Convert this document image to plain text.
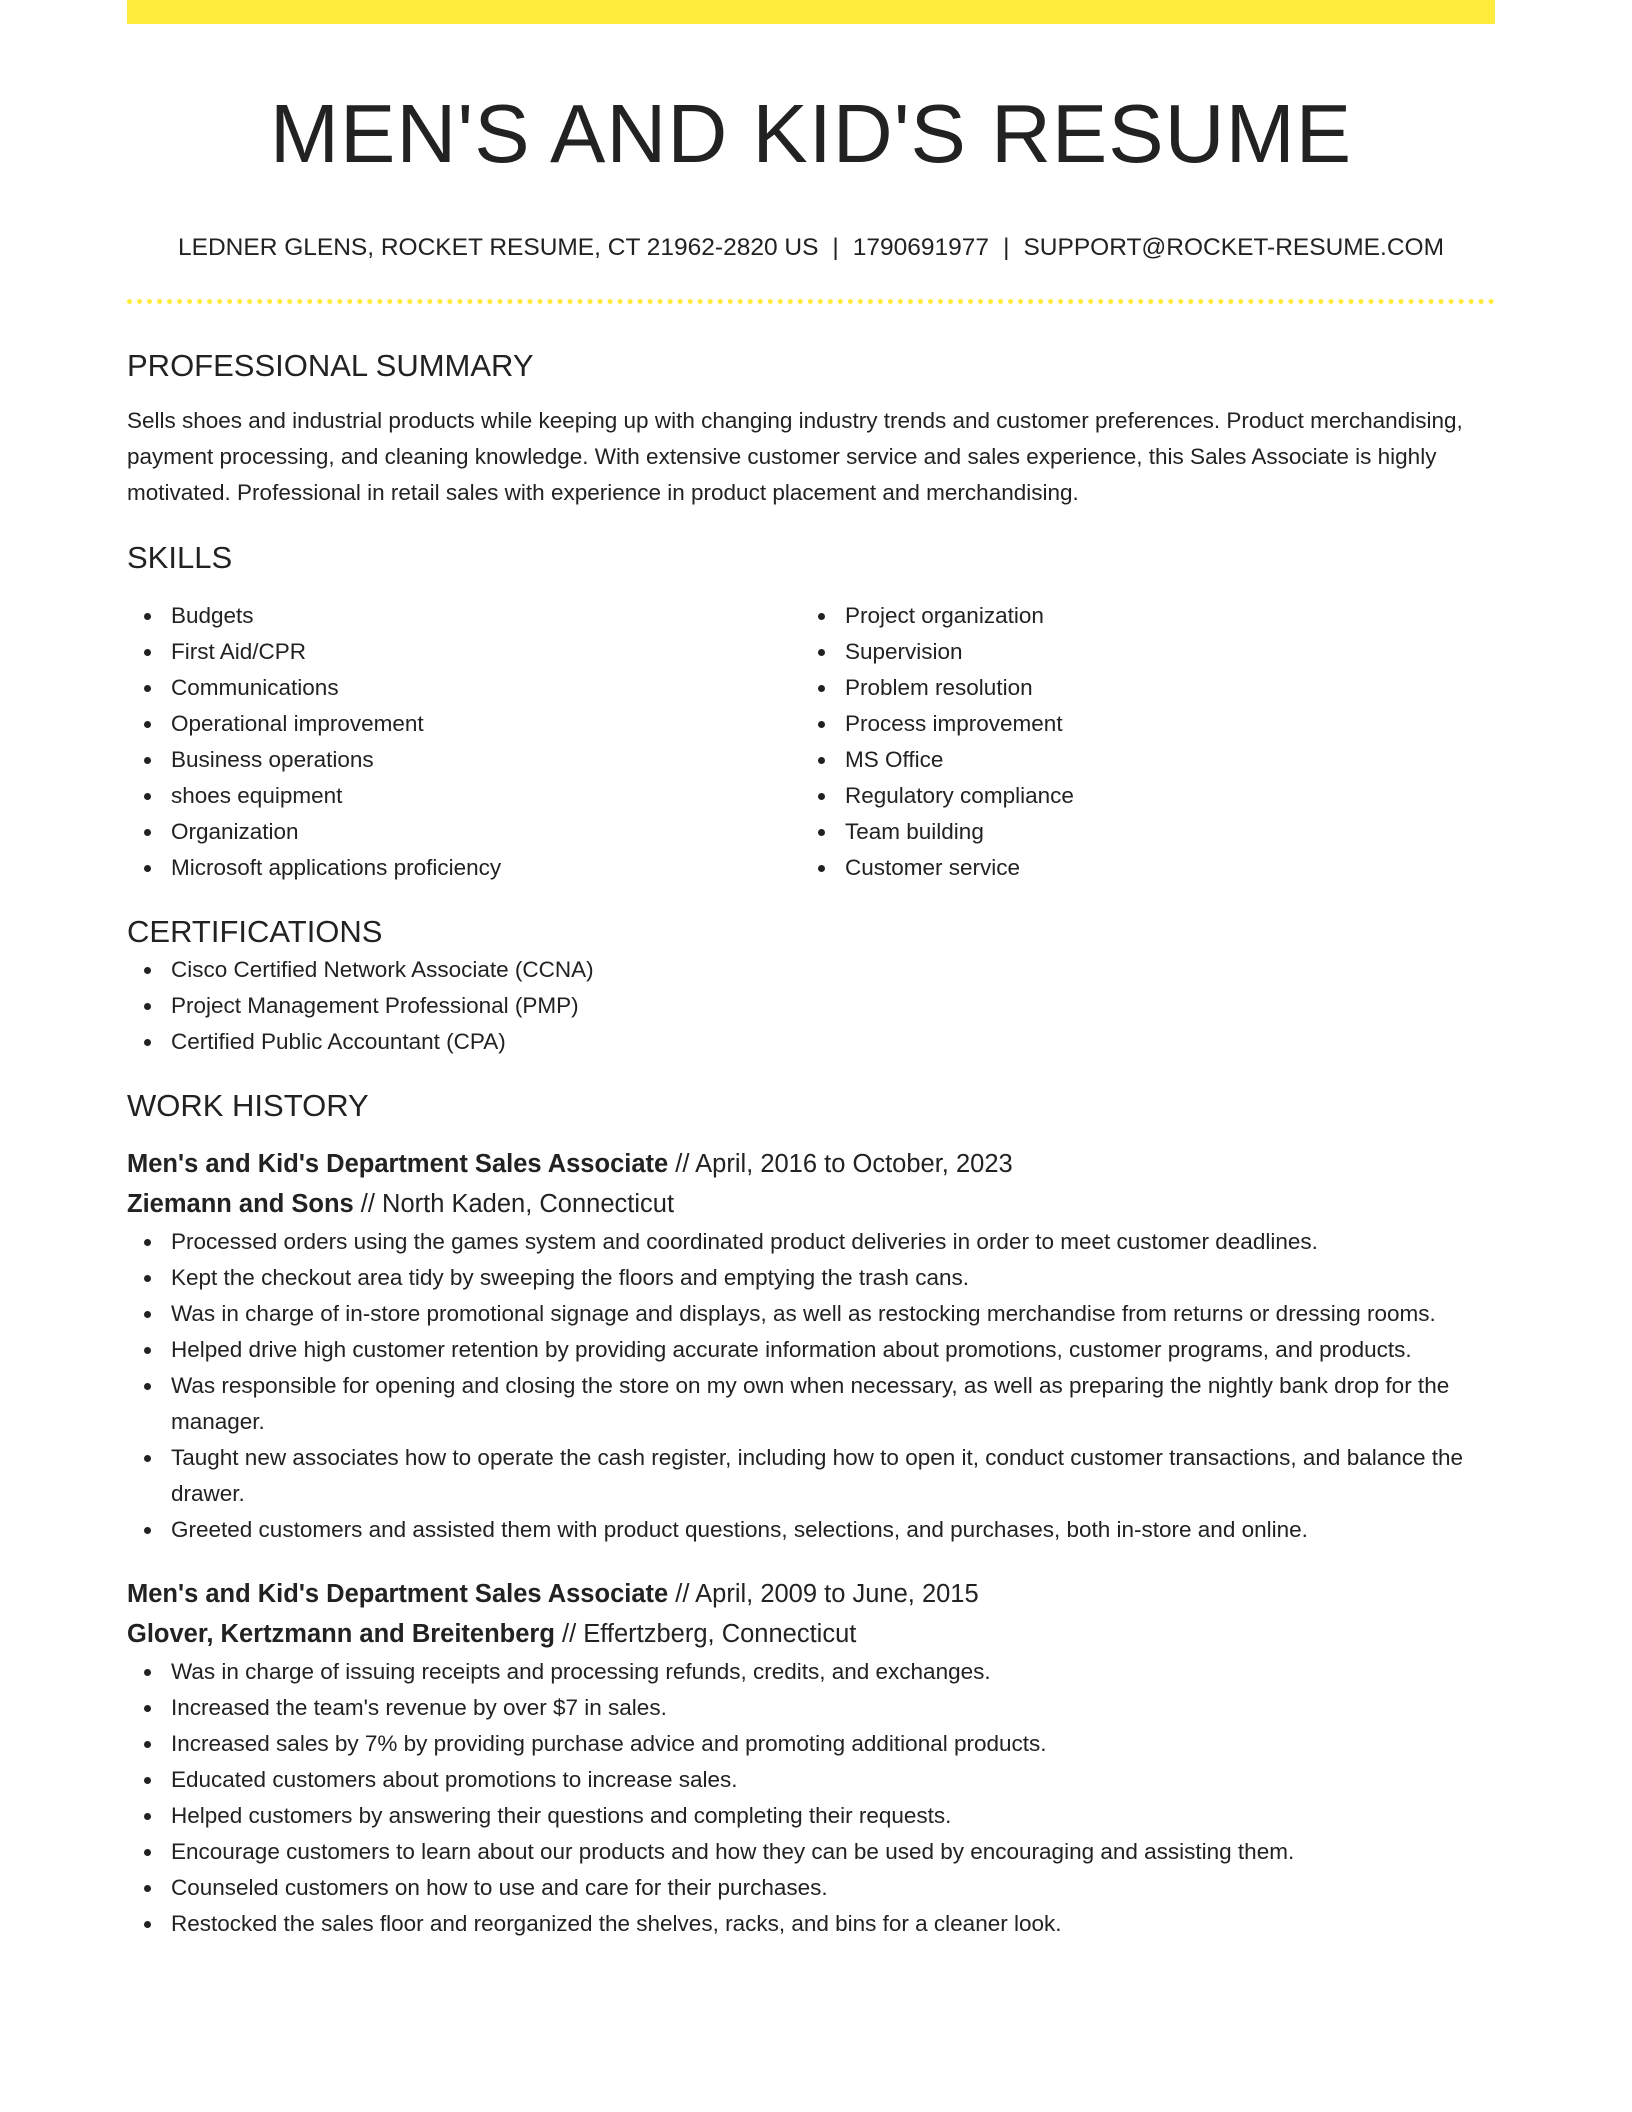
MEN'S AND KID'S RESUME
LEDNER GLENS, ROCKET RESUME, CT 21962-2820 US | 1790691977 | SUPPORT@ROCKET-RESUME.COM
PROFESSIONAL SUMMARY

Sells shoes and industrial products while keeping up with changing industry trends and customer preferences. Product merchandising, payment processing, and cleaning knowledge. With extensive customer service and sales experience, this Sales Associate is highly motivated. Professional in retail sales with experience in product placement and merchandising.

SKILLS
Budgets
First Aid/CPR
Communications
Operational improvement
Business operations
shoes equipment
Organization
Microsoft applications proficiency
Project organization
Supervision
Problem resolution
Process improvement
MS Office
Regulatory compliance
Team building
Customer service
CERTIFICATIONS
Cisco Certified Network Associate (CCNA)
Project Management Professional (PMP)
Certified Public Accountant (CPA)
WORK HISTORY
Men's and Kid's Department Sales Associate // April, 2016 to October, 2023
Ziemann and Sons // North Kaden, Connecticut
Processed orders using the games system and coordinated product deliveries in order to meet customer deadlines.
Kept the checkout area tidy by sweeping the floors and emptying the trash cans.
Was in charge of in-store promotional signage and displays, as well as restocking merchandise from returns or dressing rooms.
Helped drive high customer retention by providing accurate information about promotions, customer programs, and products.
Was responsible for opening and closing the store on my own when necessary, as well as preparing the nightly bank drop for the manager.
Taught new associates how to operate the cash register, including how to open it, conduct customer transactions, and balance the drawer.
Greeted customers and assisted them with product questions, selections, and purchases, both in-store and online.
Men's and Kid's Department Sales Associate // April, 2009 to June, 2015
Glover, Kertzmann and Breitenberg // Effertzberg, Connecticut
Was in charge of issuing receipts and processing refunds, credits, and exchanges.
Increased the team's revenue by over $7 in sales.
Increased sales by 7% by providing purchase advice and promoting additional products.
Educated customers about promotions to increase sales.
Helped customers by answering their questions and completing their requests.
Encourage customers to learn about our products and how they can be used by encouraging and assisting them.
Counseled customers on how to use and care for their purchases.
Restocked the sales floor and reorganized the shelves, racks, and bins for a cleaner look.
